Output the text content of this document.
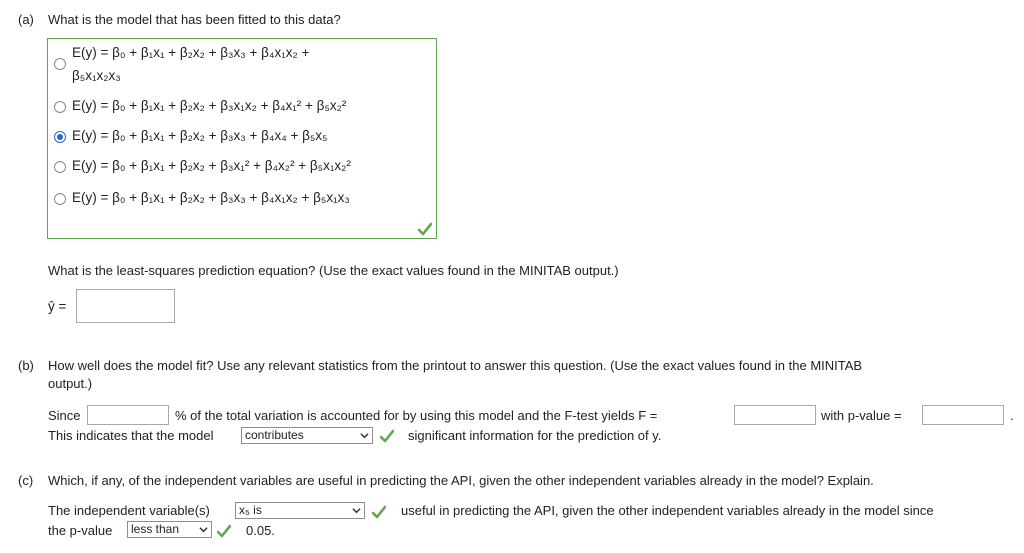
(a) What is the model that has been fitted to this data?
E(y) = β₀ + β₁x₁ + β₂x₂ + β₃x₃ + β₄x₁x₂ +
β₅x₁x₂x₃
E(y) = β₀ + β₁x₁ + β₂x₂ + β₃x₁x₂ + β₄x₁² + β₅x₂²
E(y) = β₀ + β₁x₁ + β₂x₂ + β₃x₃ + β₄x₄ + β₅x₅
E(y) = β₀ + β₁x₁ + β₂x₂ + β₃x₁² + β₄x₂² + β₅x₁x₂²
E(y) = β₀ + β₁x₁ + β₂x₂ + β₃x₃ + β₄x₁x₂ + β₅x₁x₃
What is the least-squares prediction equation? (Use the exact values found in the MINITAB output.)
ŷ =
(b) How well does the model fit? Use any relevant statistics from the printout to answer this question. (Use the exact values found in the MINITAB
output.)
Since	% of the total variation is accounted for by using this model and the F-test yields F =	with p-value =	.
This indicates that the model	contributes	significant information for the prediction of y.
(c) Which, if any, of the independent variables are useful in predicting the API, given the other independent variables already in the model? Explain.
The independent variable(s)	x₅ is	useful in predicting the API, given the other independent variables already in the model since
the p-value	less than	0.05.
